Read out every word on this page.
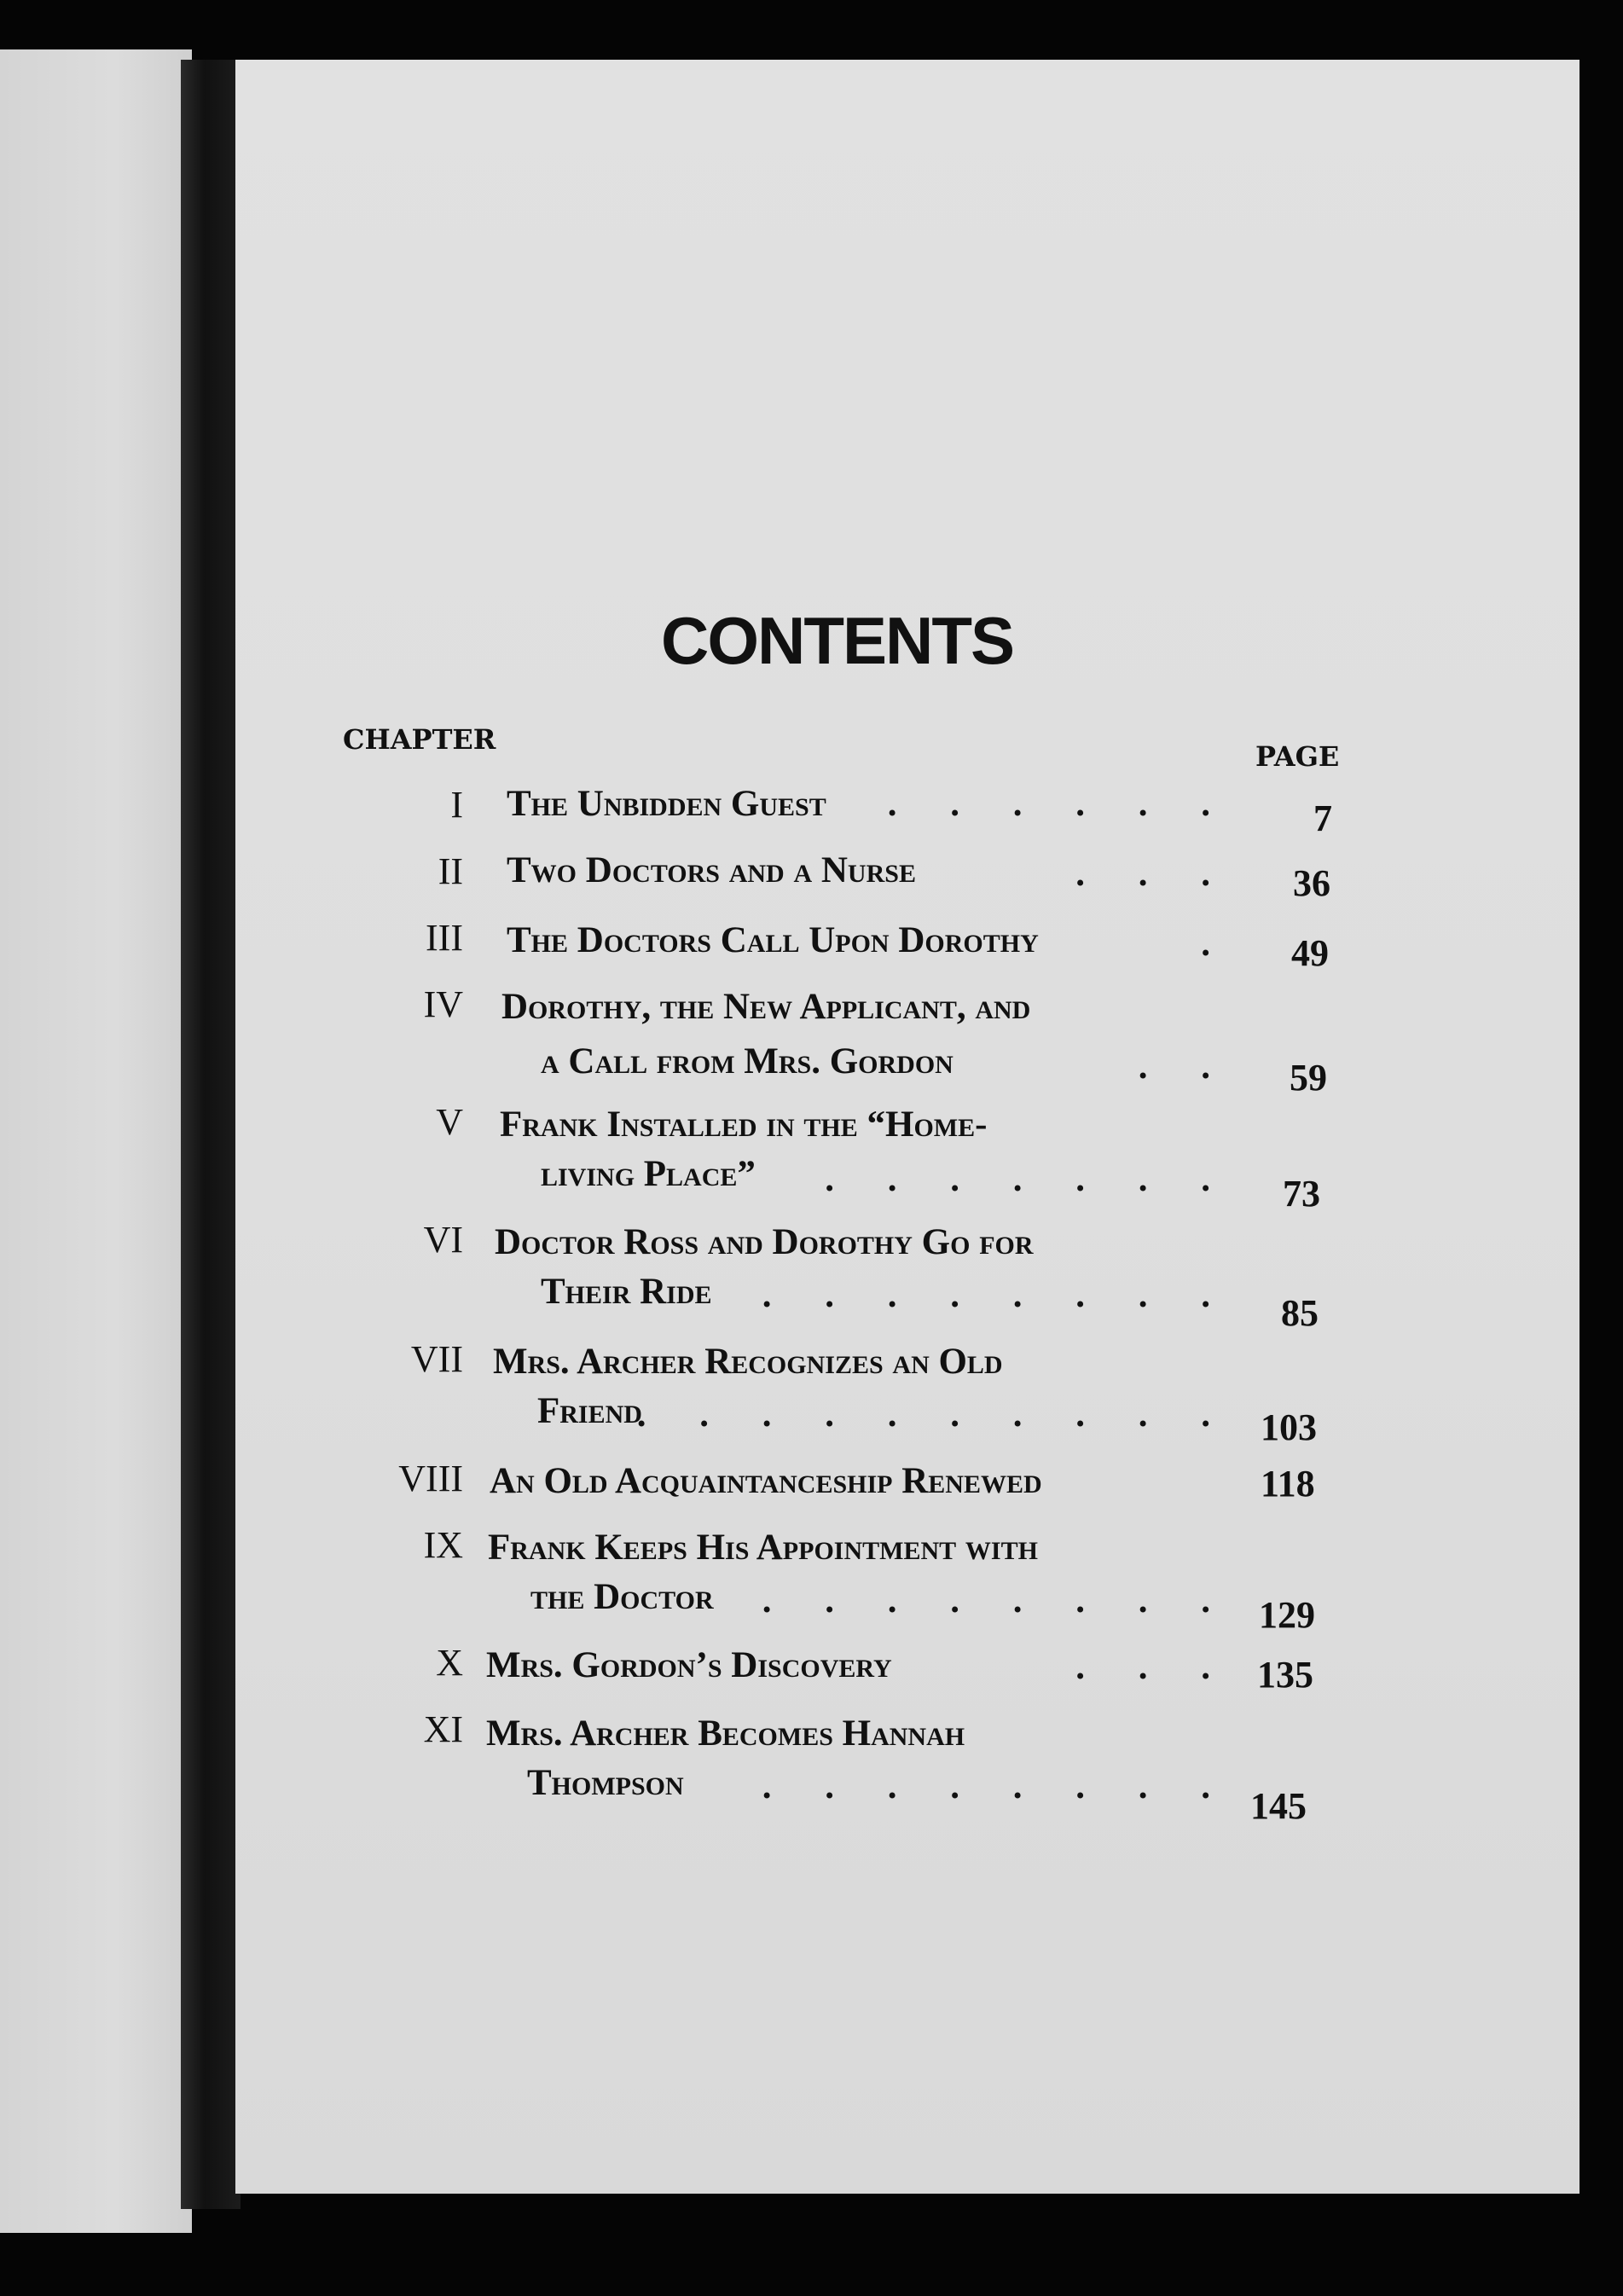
CONTENTS
CHAPTER
PAGE
I The Unbidden Guest . . . . . . 7
II Two Doctors and a Nurse	. . . 36
III The Doctors Call Upon Dorothy	. 49
IV Dorothy, the New Applicant, and
a Call from Mrs. Gordon	. . 59
V Frank Installed in the “Home-
living Place” . . . . . . . 73
VI Doctor Ross and Dorothy Go for
Their Ride . . . . . . . . 85
VII Mrs. Archer Recognizes an Old
Friend
. . . . . . . . . . 103
VIII An Old Acquaintanceship Renewed	118
IX Frank Keeps His Appointment with
the Doctor . . . . . . . . 129
X Mrs. Gordon’s Discovery	. . . 135
XI Mrs. Archer Becomes Hannah
Thompson . . . . . . . . 145
